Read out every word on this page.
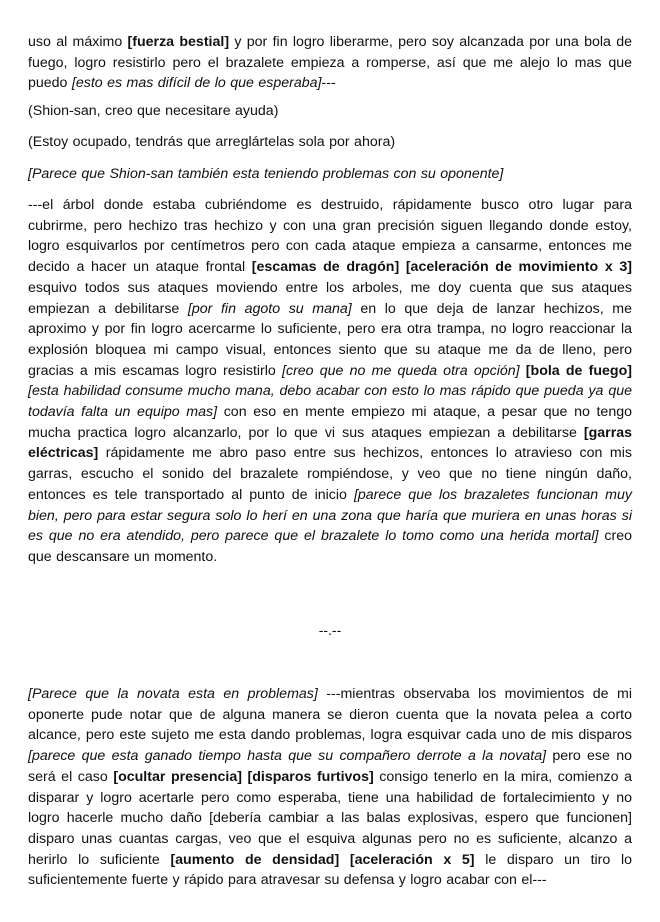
uso al máximo [fuerza bestial] y por fin logro liberarme, pero soy alcanzada por una bola de fuego, logro resistirlo pero el brazalete empieza a romperse, así que me alejo lo mas que puedo [esto es mas difícil de lo que esperaba]---

(Shion-san, creo que necesitare ayuda)

(Estoy ocupado, tendrás que arreglártelas sola por ahora)

[Parece que Shion-san también esta teniendo problemas con su oponente]

---el árbol donde estaba cubriéndome es destruido, rápidamente busco otro lugar para cubrirme, pero hechizo tras hechizo y con una gran precisión siguen llegando donde estoy, logro esquivarlos por centímetros pero con cada ataque empieza a cansarme, entonces me decido a hacer un ataque frontal [escamas de dragón] [aceleración de movimiento x 3] esquivo todos sus ataques moviendo entre los arboles, me doy cuenta que sus ataques empiezan a debilitarse [por fin agoto su mana] en lo que deja de lanzar hechizos, me aproximo y por fin logro acercarme lo suficiente, pero era otra trampa, no logro reaccionar la explosión bloquea mi campo visual, entonces siento que su ataque me da de lleno, pero gracias a mis escamas logro resistirlo [creo que no me queda otra opción] [bola de fuego] [esta habilidad consume mucho mana, debo acabar con esto lo mas rápido que pueda ya que todavía falta un equipo mas] con eso en mente empiezo mi ataque, a pesar que no tengo mucha practica logro alcanzarlo, por lo que vi sus ataques empiezan a debilitarse [garras eléctricas] rápidamente me abro paso entre sus hechizos, entonces lo atravieso con mis garras, escucho el sonido del brazalete rompiéndose, y veo que no tiene ningún daño, entonces es tele transportado al punto de inicio [parece que los brazaletes funcionan muy bien, pero para estar segura solo lo herí en una zona que haría que muriera en unas horas si es que no era atendido, pero parece que el brazalete lo tomo como una herida mortal] creo que descansare un momento.

--.--

[Parece que la novata esta en problemas] ---mientras observaba los movimientos de mi oponerte pude notar que de alguna manera se dieron cuenta que la novata pelea a corto alcance, pero este sujeto me esta dando problemas, logra esquivar cada uno de mis disparos [parece que esta ganado tiempo hasta que su compañero derrote a la novata] pero ese no será el caso [ocultar presencia] [disparos furtivos] consigo tenerlo en la mira, comienzo a disparar y logro acertarle pero como esperaba, tiene una habilidad de fortalecimiento y no logro hacerle mucho daño [debería cambiar a las balas explosivas, espero que funcionen] disparo unas cuantas cargas, veo que el esquiva algunas pero no es suficiente, alcanzo a herirlo lo suficiente [aumento de densidad] [aceleración x 5] le disparo un tiro lo suficientemente fuerte y rápido para atravesar su defensa y logro acabar con el---
